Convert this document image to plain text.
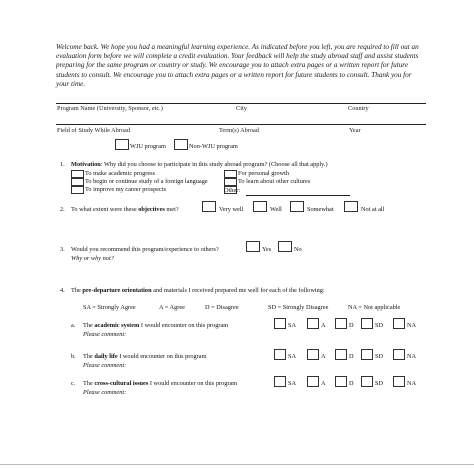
Welcome back. We hope you had a meaningful learning experience. As indicated before you left, you are required to fill out an evaluation form before we will complete a credit evaluation. Your feedback will help the study abroad staff and assist students preparing for the same program or country or study. We encourage you to attach extra pages or a written report for future students to consult. We encourage you to attach extra pages or a written report for future students to consult. Thank you for your time.
Program Name (University, Sponsor, etc.)	City	Country
Field of Study While Abroad	Term(s) Abroad	Year
WJU program	Non-WJU program
1. Motivation: Why did you choose to participate in this study abroad program? (Choose all that apply.)
To make academic progress
To begin or continue study of a foreign language
To improve my career prospects
For personal growth
To learn about other cultures
Other:
2. To what extent were these objectives met?	Very well	Well	Somewhat	Not at all
3. Would you recommend this program/experience to others?	Yes	No
Why or why not?
4. The pre-departure orientation and materials I received prepared me well for each of the following:
SA = Strongly Agree	A = Agree	D = Disagree	SD = Strongly Disagree	NA = Not applicable
a. The academic system I would encounter on this program
Please comment:
SA	A	D	SD	NA
b. The daily life I would encounter on this program
Please comment:
SA	A	D	SD	NA
c. The cross-cultural issues I would encounter on this program
Please comment:
SA	A	D	SD	NA
